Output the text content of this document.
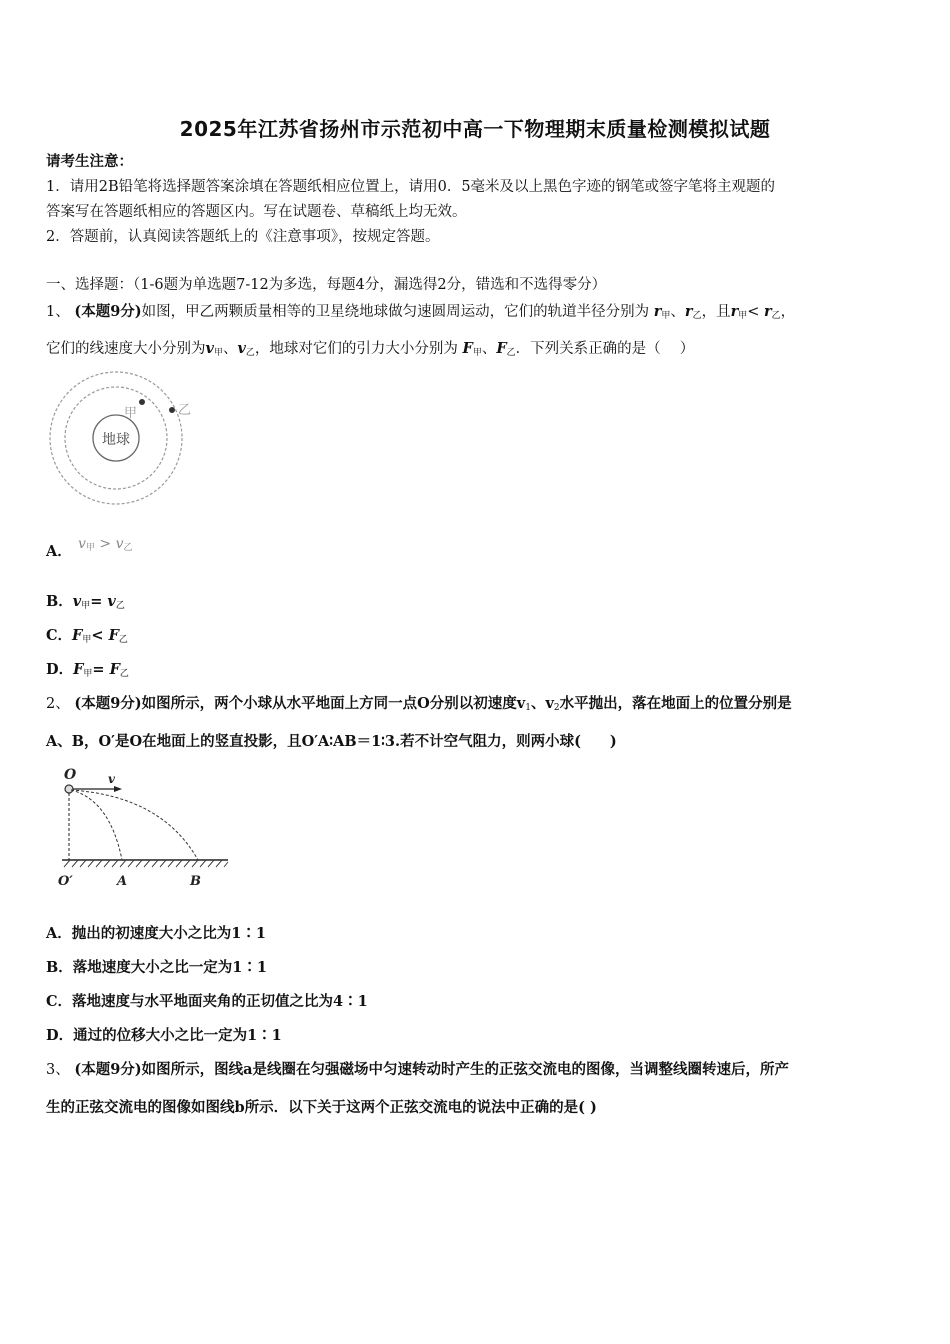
2025年江苏省扬州市示范初中高一下物理期末质量检测模拟试题
请考生注意：
1．请用2B铅笔将选择题答案涂填在答题纸相应位置上，请用0．5毫米及以上黑色字迹的钢笔或签字笔将主观题的
答案写在答题纸相应的答题区内。写在试题卷、草稿纸上均无效。
2．答题前，认真阅读答题纸上的《注意事项》，按规定答题。
一、选择题：（1-6题为单选题7-12为多选，每题4分，漏选得2分，错选和不选得零分）
1、 (本题9分)如图，甲乙两颗质量相等的卫星绕地球做匀速圆周运动，它们的轨道半径分别为 $r_甲$、$r_乙$，且$r_甲< r_乙$，
它们的线速度大小分别为$v_甲$、$v_乙$，地球对它们的引力大小分别为 $F_甲$、$F_乙$．下列关系正确的是（　 ）
地球
甲	乙
A． $v_甲 > v_乙$
B．$v_甲= v_乙$
C．$F_甲< F_乙$
D．$F_甲= F_乙$
2、 (本题9分)如图所示，两个小球从水平地面上方同一点O分别以初速度$v_1$、$v_2$水平抛出，落在地面上的位置分别是
A、B，O′是O在地面上的竖直投影，且O′A∶AB＝1∶3.若不计空气阻力，则两小球(　　)
O	v
O′	A	B
A．抛出的初速度大小之比为1∶1
B．落地速度大小之比一定为1∶1
C．落地速度与水平地面夹角的正切值之比为4∶1
D．通过的位移大小之比一定为1∶1
3、 (本题9分)如图所示，图线a是线圈在匀强磁场中匀速转动时产生的正弦交流电的图像，当调整线圈转速后，所产
生的正弦交流电的图像如图线b所示．以下关于这两个正弦交流电的说法中正确的是( )
